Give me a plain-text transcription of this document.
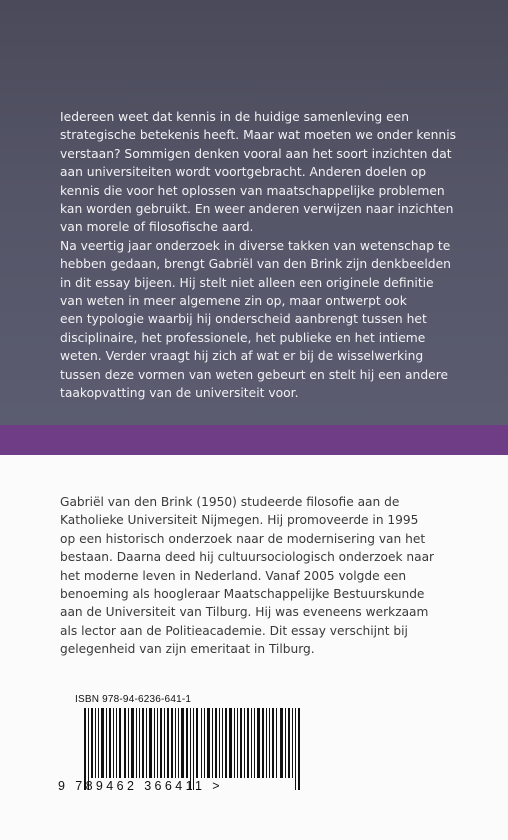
Iedereen weet dat kennis in de huidige samenleving een

strategische betekenis heeft. Maar wat moeten we onder kennis

verstaan? Sommigen denken vooral aan het soort inzichten dat

aan universiteiten wordt voortgebracht. Anderen doelen op

kennis die voor het oplossen van maatschappelijke problemen

kan worden gebruikt. En weer anderen verwijzen naar inzichten

van morele of filosofische aard.

Na veertig jaar onderzoek in diverse takken van wetenschap te

hebben gedaan, brengt Gabriël van den Brink zijn denkbeelden

in dit essay bijeen. Hij stelt niet alleen een originele definitie

van weten in meer algemene zin op, maar ontwerpt ook

een typologie waarbij hij onderscheid aanbrengt tussen het

disciplinaire, het professionele, het publieke en het intieme

weten. Verder vraagt hij zich af wat er bij de wisselwerking

tussen deze vormen van weten gebeurt en stelt hij een andere

taakopvatting van de universiteit voor.

Gabriël van den Brink (1950) studeerde filosofie aan de

Katholieke Universiteit Nijmegen. Hij promoveerde in 1995

op een historisch onderzoek naar de modernisering van het

bestaan. Daarna deed hij cultuursociologisch onderzoek naar

het moderne leven in Nederland. Vanaf 2005 volgde een

benoeming als hoogleraar Maatschappelijke Bestuurskunde

aan de Universiteit van Tilburg. Hij was eveneens werkzaam

als lector aan de Politieacademie. Dit essay verschijnt bij

gelegenheid van zijn emeritaat in Tilburg.

ISBN 978-94-6236-641-1
9 789462 366411 >
